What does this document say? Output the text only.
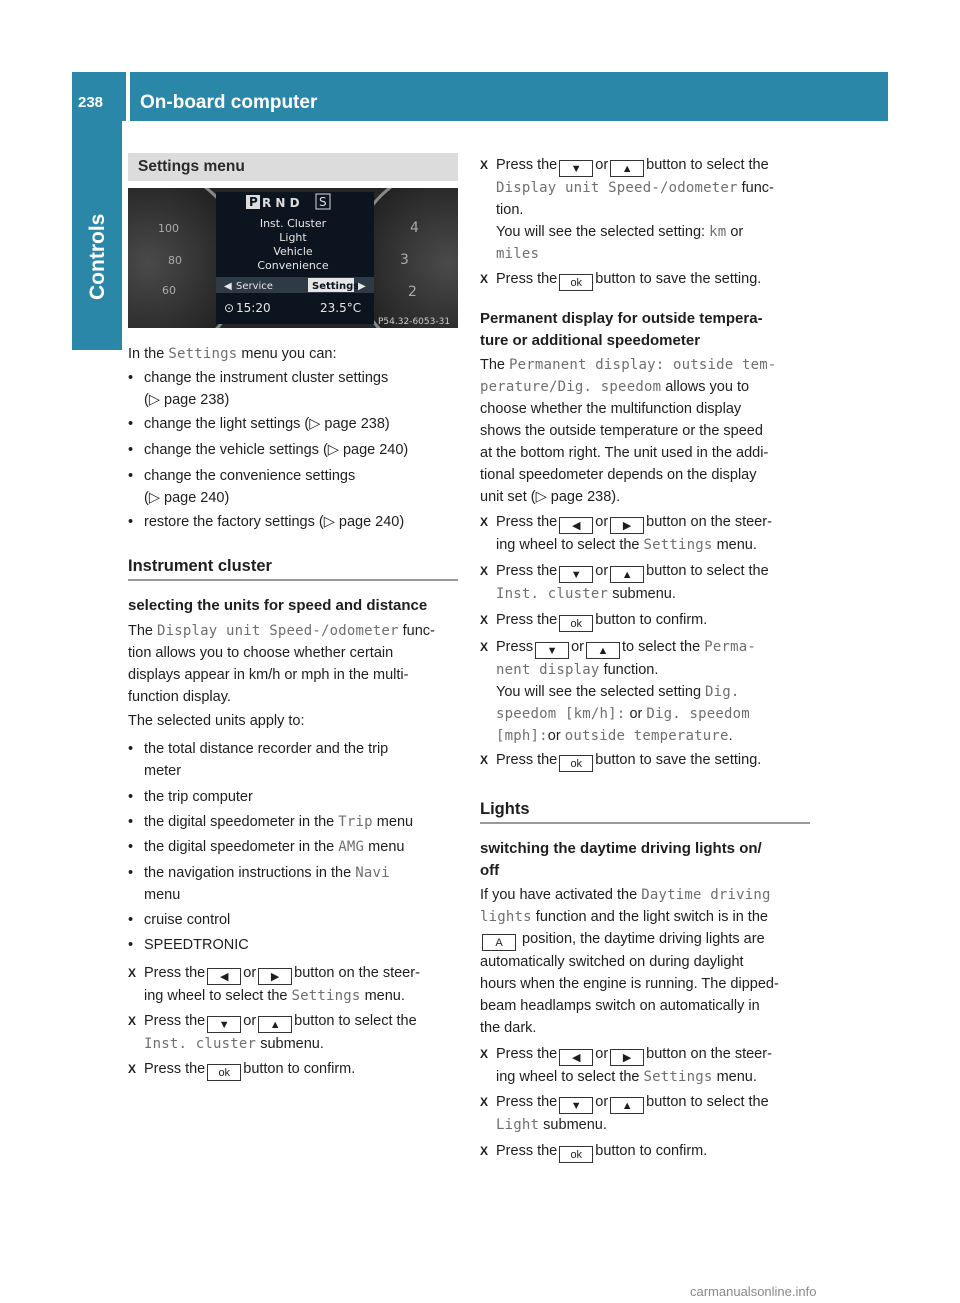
238	On-board computer
Controls
Settings menu
100
80
60
4
3
2
P R N D S
Inst. Cluster
Light
Vehicle
Convenience
◀ Service	Settings
▶
⊙ 15:20	23.5°C
P54.32-6053-31
In the Settings menu you can:
• change the instrument cluster settings
(▷ page 238)
• change the light settings (▷ page 238)
• change the vehicle settings (▷ page 240)
• change the convenience settings
(▷ page 240)
• restore the factory settings (▷ page 240)
Instrument cluster
selecting the units for speed and distance
The Display unit Speed-/odometer func-
tion allows you to choose whether certain
displays appear in km/h or mph in the multi-
function display.
The selected units apply to:
• the total distance recorder and the trip
meter
• the trip computer
• the digital speedometer in the Trip menu
• the digital speedometer in the AMG menu
• the navigation instructions in the Navi
menu
• cruise control
• SPEEDTRONIC
X Press the ◀ or ▶ button on the steer-
ing wheel to select the Settings menu.
X Press the ▼ or ▲ button to select the
Inst. cluster submenu.
X Press the ok button to confirm.
X Press the ▼ or ▲ button to select the
Display unit Speed-/odometer func-
tion.
You will see the selected setting: km or
miles
X Press the ok button to save the setting.
Permanent display for outside tempera-
ture or additional speedometer
The Permanent display: outside tem‐
perature/Dig. speedom allows you to
choose whether the multifunction display
shows the outside temperature or the speed
at the bottom right. The unit used in the addi-
tional speedometer depends on the display
unit set (▷ page 238).
X Press the ◀ or ▶ button on the steer-
ing wheel to select the Settings menu.
X Press the ▼ or ▲ button to select the
Inst. cluster submenu.
X Press the ok button to confirm.
X Press ▼ or ▲ to select the Perma‐
nent display function.
You will see the selected setting Dig.
speedom [km/h]: or Dig. speedom
[mph]:or outside temperature.
X Press the ok button to save the setting.
Lights
switching the daytime driving lights on/
off
If you have activated the Daytime driving
lights function and the light switch is in the
A position, the daytime driving lights are
automatically switched on during daylight
hours when the engine is running. The dipped-
beam headlamps switch on automatically in
the dark.
X Press the ◀ or ▶ button on the steer-
ing wheel to select the Settings menu.
X Press the ▼ or ▲ button to select the
Light submenu.
X Press the ok button to confirm.
carmanualsonline.info
